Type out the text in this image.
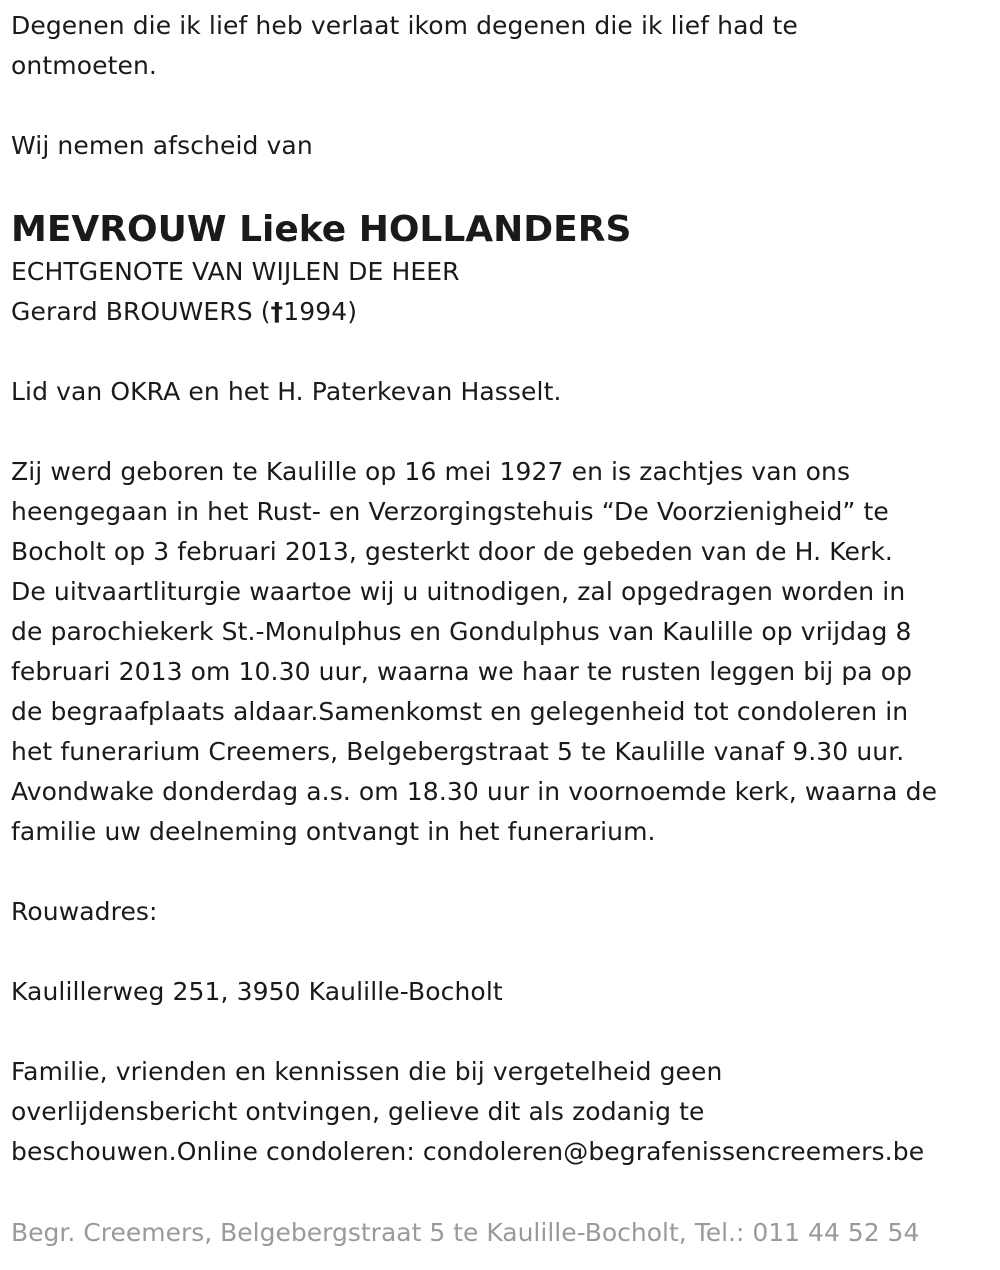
Degenen die ik lief heb verlaat ikom degenen die ik lief had te

ontmoeten.

Wij nemen afscheid van

MEVROUW Lieke HOLLANDERS

ECHTGENOTE VAN WIJLEN DE HEER

Gerard BROUWERS (†1994)

Lid van OKRA en het H. Paterkevan Hasselt.

Zij werd geboren te Kaulille op 16 mei 1927 en is zachtjes van ons

heengegaan in het Rust- en Verzorgingstehuis “De Voorzienigheid” te

Bocholt op 3 februari 2013, gesterkt door de gebeden van de H. Kerk.

De uitvaartliturgie waartoe wij u uitnodigen, zal opgedragen worden in

de parochiekerk St.-Monulphus en Gondulphus van Kaulille op vrijdag 8

februari 2013 om 10.30 uur, waarna we haar te rusten leggen bij pa op

de begraafplaats aldaar.Samenkomst en gelegenheid tot condoleren in

het funerarium Creemers, Belgebergstraat 5 te Kaulille vanaf 9.30 uur.

Avondwake donderdag a.s. om 18.30 uur in voornoemde kerk, waarna de

familie uw deelneming ontvangt in het funerarium.

Rouwadres:

Kaulillerweg 251, 3950 Kaulille-Bocholt

Familie, vrienden en kennissen die bij vergetelheid geen

overlijdensbericht ontvingen, gelieve dit als zodanig te

beschouwen.Online condoleren: condoleren@begrafenissencreemers.be

Begr. Creemers, Belgebergstraat 5 te Kaulille-Bocholt, Tel.: 011 44 52 54
